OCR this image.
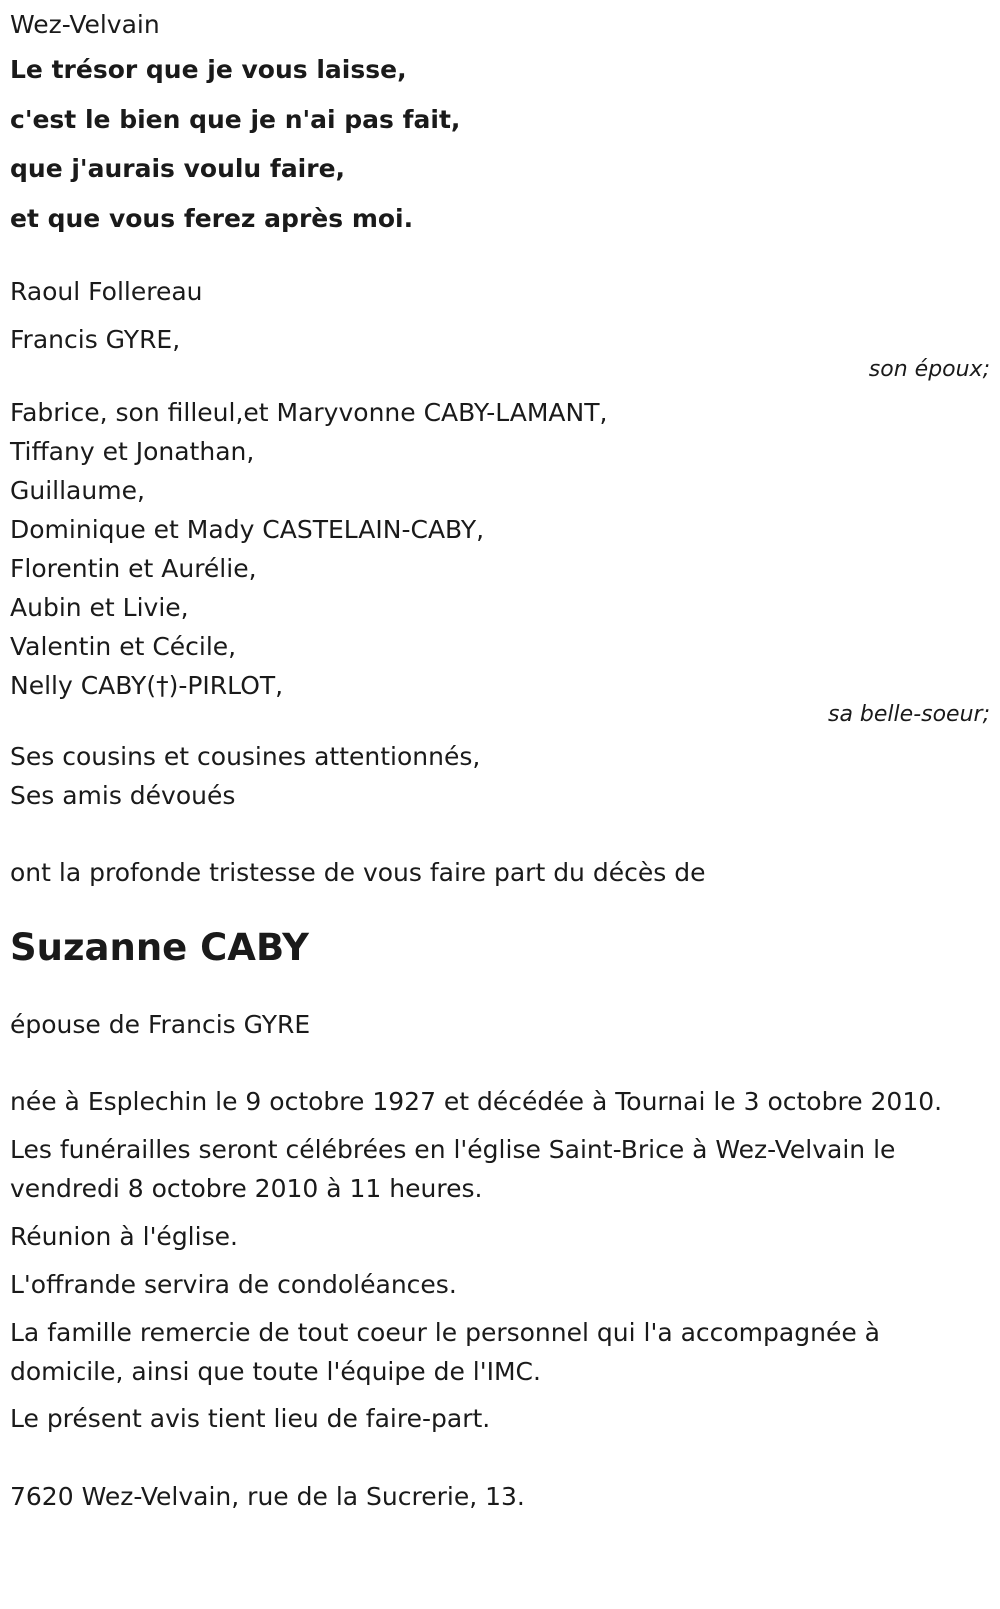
Wez-Velvain
Le trésor que je vous laisse,
c'est le bien que je n'ai pas fait,
que j'aurais voulu faire,
et que vous ferez après moi.
Raoul Follereau
Francis GYRE,
son époux;
Fabrice, son filleul,et Maryvonne CABY-LAMANT,
Tiffany et Jonathan,
Guillaume,
Dominique et Mady CASTELAIN-CABY,
Florentin et Aurélie,
Aubin et Livie,
Valentin et Cécile,
Nelly CABY(†)-PIRLOT,
sa belle-soeur;
Ses cousins et cousines attentionnés,
Ses amis dévoués
ont la profonde tristesse de vous faire part du décès de
Suzanne CABY
épouse de Francis GYRE
née à Esplechin le 9 octobre 1927 et décédée à Tournai le 3 octobre 2010.
Les funérailles seront célébrées en l'église Saint-Brice à Wez-Velvain le vendredi 8 octobre 2010 à 11 heures.
Réunion à l'église.
L'offrande servira de condoléances.
La famille remercie de tout coeur le personnel qui l'a accompagnée à domicile, ainsi que toute l'équipe de l'IMC.
Le présent avis tient lieu de faire-part.
7620 Wez-Velvain, rue de la Sucrerie, 13.
